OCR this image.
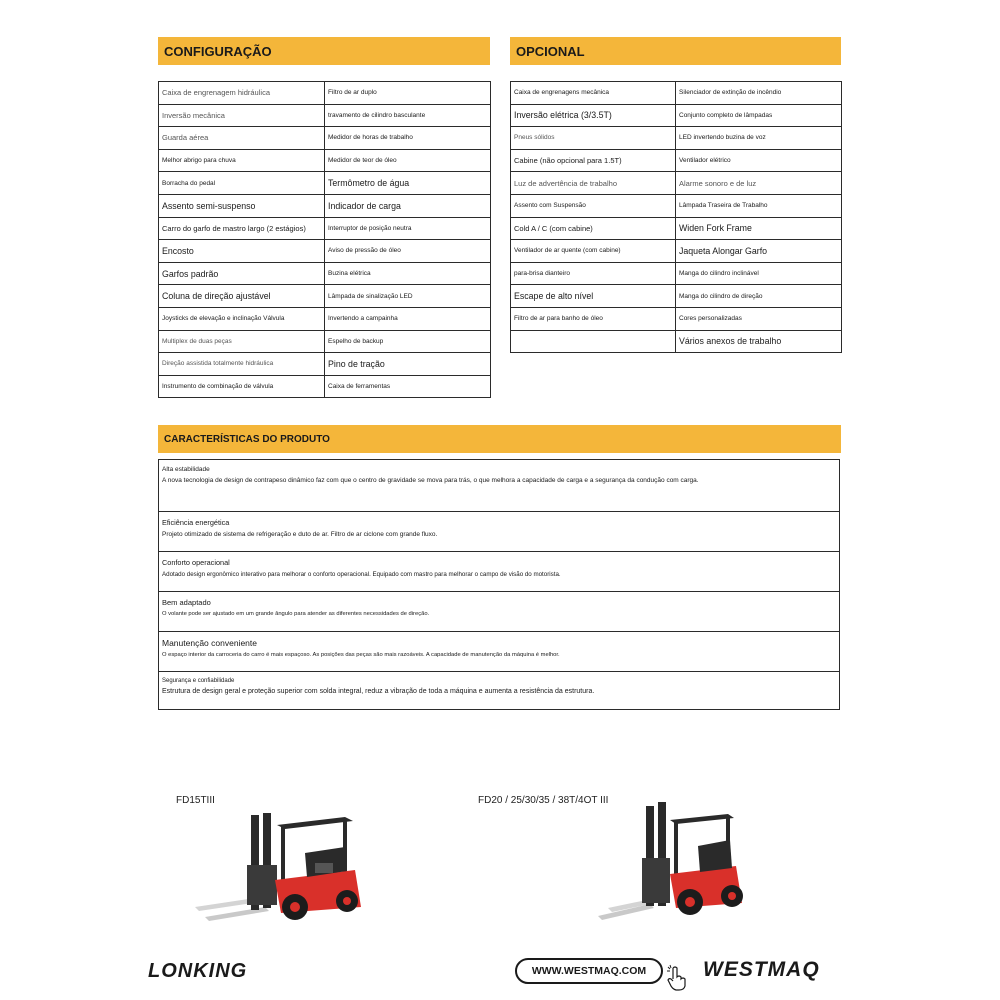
CONFIGURAÇÃO
Caixa de engrenagem hidráulica	Filtro de ar duplo
Inversão mecânica	travamento de cilindro basculante
Guarda aérea	Medidor de horas de trabalho
Melhor abrigo para chuva	Medidor de teor de óleo
Borracha do pedal	Termômetro de água
Assento semi-suspenso	Indicador de carga
Carro do garfo de mastro largo (2 estágios)	Interruptor de posição neutra
Encosto	Aviso de pressão de óleo
Garfos padrão	Buzina elétrica
Coluna de direção ajustável	Lâmpada de sinalização LED
Joysticks de elevação e inclinação Válvula	Invertendo a campainha
Multiplex de duas peças	Espelho de backup
Direção assistida totalmente hidráulica	Pino de tração
Instrumento de combinação de válvula	Caixa de ferramentas
OPCIONAL
Caixa de engrenagens mecânica	Silenciador de extinção de incêndio
Inversão elétrica (3/3.5T)	Conjunto completo de lâmpadas
Pneus sólidos	LED invertendo buzina de voz
Cabine (não opcional para 1.5T)	Ventilador elétrico
Luz de advertência de trabalho	Alarme sonoro e de luz
Assento com Suspensão	Lâmpada Traseira de Trabalho
Cold A / C (com cabine)	Widen Fork Frame
Ventilador de ar quente (com cabine)	Jaqueta Alongar Garfo
para-brisa dianteiro	Manga do cilindro inclinável
Escape de alto nível	Manga do cilindro de direção
Filtro de ar para banho de óleo	Cores personalizadas
	Vários anexos de trabalho
CARACTERÍSTICAS DO PRODUTO
Alta estabilidade
A nova tecnologia de design de contrapeso dinâmico faz com que o centro de gravidade se mova para trás, o que melhora a capacidade de carga e a segurança da condução com carga.
Eficiência energética
Projeto otimizado de sistema de refrigeração e duto de ar. Filtro de ar ciclone com grande fluxo.
Conforto operacional
Adotado design ergonômico interativo para melhorar o conforto operacional. Equipado com mastro para melhorar o campo de visão do motorista.
Bem adaptado
O volante pode ser ajustado em um grande ângulo para atender as diferentes necessidades de direção.
Manutenção conveniente
O espaço interior da carroceria do carro é mais espaçoso. As posições das peças são mais razoáveis. A capacidade de manutenção da máquina é melhor.
Segurança e confiabilidade
Estrutura de design geral e proteção superior com solda integral, reduz a vibração de toda a máquina e aumenta a resistência da estrutura.
FD15TIII	FD20 / 25/30/35 / 38T/4OT III
LONKING	WWW.WESTMAQ.COM	WESTMAQ
